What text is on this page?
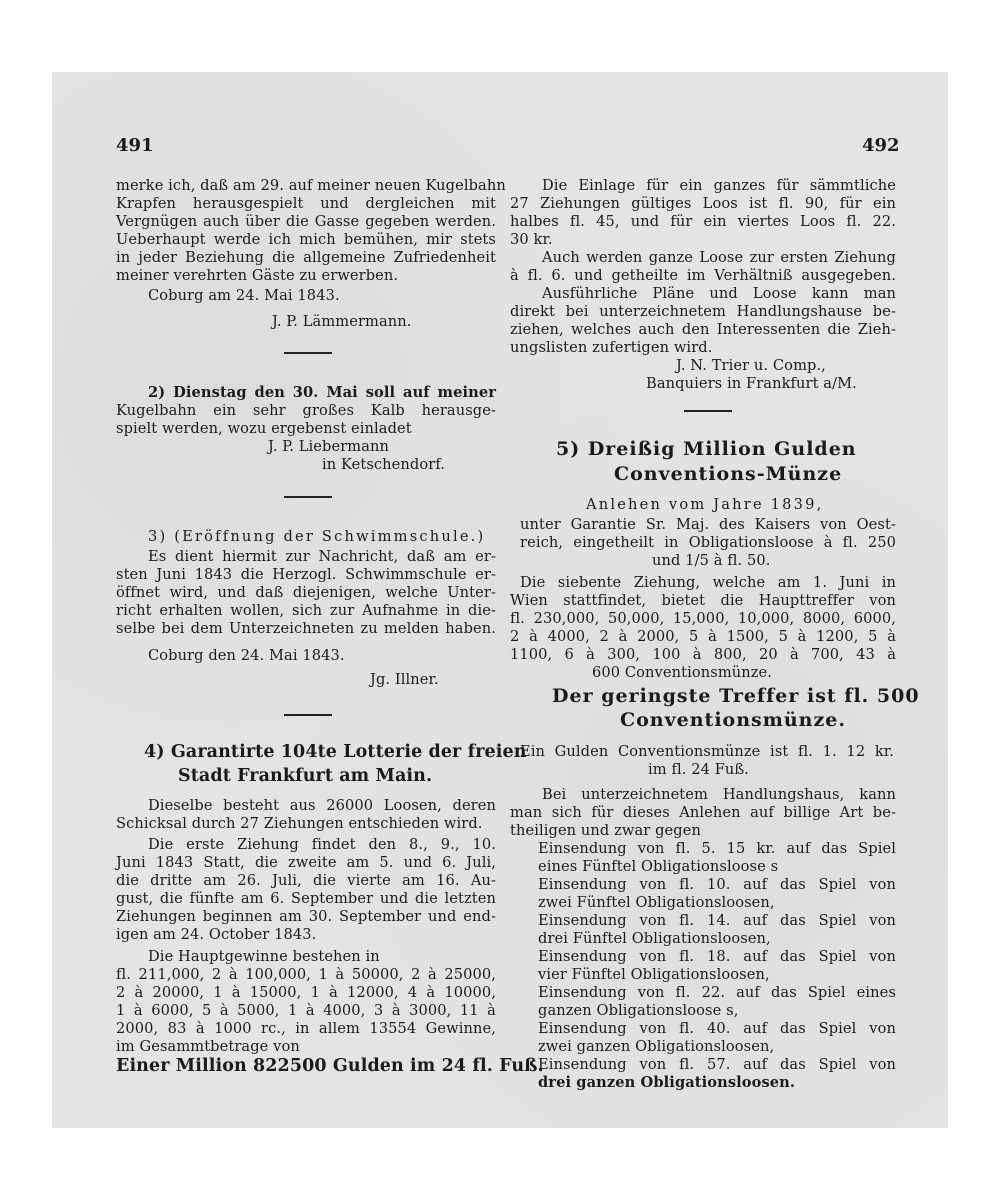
491	492
merke ich, daß am 29. auf meiner neuen Kugelbahn
Krapfen herausgespielt und dergleichen mit
Vergnügen auch über die Gasse gegeben werden.
Ueberhaupt werde ich mich bemühen, mir stets
in jeder Beziehung die allgemeine Zufriedenheit
meiner verehrten Gäste zu erwerben.
Coburg am 24. Mai 1843.
J. P. Lämmermann.
2) Dienstag den 30. Mai soll auf meiner
Kugelbahn ein sehr großes Kalb herausge-
spielt werden, wozu ergebenst einladet
J. P. Liebermann
in Ketschendorf.
3) (Eröffnung der Schwimmschule.)
Es dient hiermit zur Nachricht, daß am er-
sten Juni 1843 die Herzogl. Schwimmschule er-
öffnet wird, und daß diejenigen, welche Unter-
richt erhalten wollen, sich zur Aufnahme in die-
selbe bei dem Unterzeichneten zu melden haben.
Coburg den 24. Mai 1843.
Jg. Illner.
4) Garantirte 104te Lotterie der freien
Stadt Frankfurt am Main.
Dieselbe besteht aus 26000 Loosen, deren
Schicksal durch 27 Ziehungen entschieden wird.
Die erste Ziehung findet den 8., 9., 10.
Juni 1843 Statt, die zweite am 5. und 6. Juli,
die dritte am 26. Juli, die vierte am 16. Au-
gust, die fünfte am 6. September und die letzten
Ziehungen beginnen am 30. September und end-
igen am 24. October 1843.
Die Hauptgewinne bestehen in
fl. 211,000, 2 à 100,000, 1 à 50000, 2 à 25000,
2 à 20000, 1 à 15000, 1 à 12000, 4 à 10000,
1 à 6000, 5 à 5000, 1 à 4000, 3 à 3000, 11 à
2000, 83 à 1000 rc., in allem 13554 Gewinne,
im Gesammtbetrage von
Einer Million 822500 Gulden im 24 fl. Fuß.
Die Einlage für ein ganzes für sämmtliche
27 Ziehungen gültiges Loos ist fl. 90, für ein
halbes fl. 45, und für ein viertes Loos fl. 22.
30 kr.
Auch werden ganze Loose zur ersten Ziehung
à fl. 6. und getheilte im Verhältniß ausgegeben.
Ausführliche Pläne und Loose kann man
direkt bei unterzeichnetem Handlungshause be-
ziehen, welches auch den Interessenten die Zieh-
ungslisten zufertigen wird.
J. N. Trier u. Comp.,
Banquiers in Frankfurt a/M.
5) Dreißig Million Gulden
Conventions-Münze
Anlehen vom Jahre 1839,
unter Garantie Sr. Maj. des Kaisers von Oest-
reich, eingetheilt in Obligationsloose à fl. 250
und 1/5 à fl. 50.
Die siebente Ziehung, welche am 1. Juni in
Wien stattfindet, bietet die Haupttreffer von
fl. 230,000, 50,000, 15,000, 10,000, 8000, 6000,
2 à 4000, 2 à 2000, 5 à 1500, 5 à 1200, 5 à
1100, 6 à 300, 100 à 800, 20 à 700, 43 à
600 Conventionsmünze.
Der geringste Treffer ist fl. 500
Conventionsmünze.
Ein Gulden Conventionsmünze ist fl. 1. 12 kr.
im fl. 24 Fuß.
Bei unterzeichnetem Handlungshaus, kann
man sich für dieses Anlehen auf billige Art be-
theiligen und zwar gegen
Einsendung von fl. 5. 15 kr. auf das Spiel
eines Fünftel Obligationsloose s
Einsendung von fl. 10. auf das Spiel von
zwei Fünftel Obligationsloosen,
Einsendung von fl. 14. auf das Spiel von
drei Fünftel Obligationsloosen,
Einsendung von fl. 18. auf das Spiel von
vier Fünftel Obligationsloosen,
Einsendung von fl. 22. auf das Spiel eines
ganzen Obligationsloose s,
Einsendung von fl. 40. auf das Spiel von
zwei ganzen Obligationsloosen,
Einsendung von fl. 57. auf das Spiel von
drei ganzen Obligationsloosen.
